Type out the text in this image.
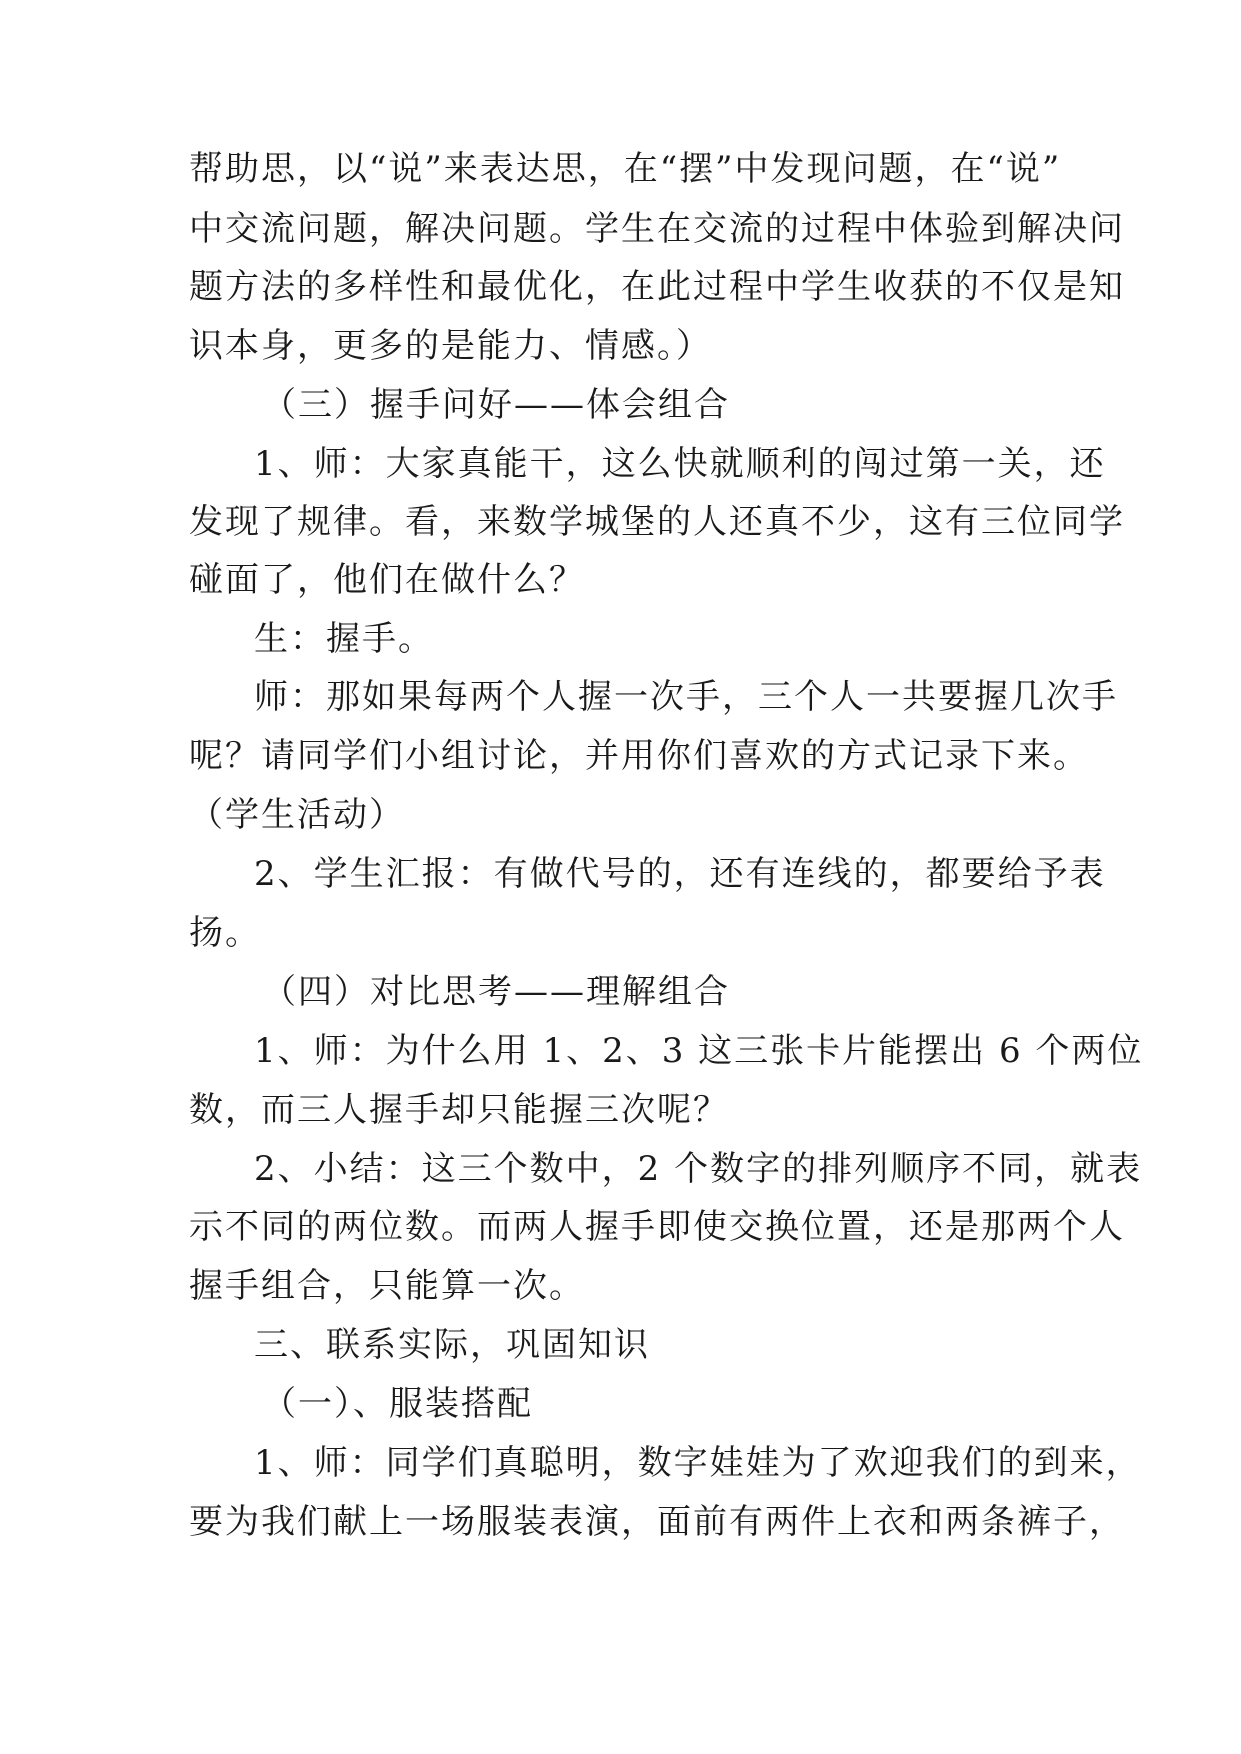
帮助思，以“说”来表达思，在“摆”中发现问题，在“说”
中交流问题，解决问题。学生在交流的过程中体验到解决问
题方法的多样性和最优化，在此过程中学生收获的不仅是知
识本身，更多的是能力、情感。）
（三）握手问好——体会组合
1、师：大家真能干，这么快就顺利的闯过第一关，还
发现了规律。看，来数学城堡的人还真不少，这有三位同学
碰面了，他们在做什么？
生：握手。
师：那如果每两个人握一次手，三个人一共要握几次手
呢？请同学们小组讨论，并用你们喜欢的方式记录下来。
（学生活动）
2、学生汇报：有做代号的，还有连线的，都要给予表
扬。
（四）对比思考——理解组合
1、师：为什么用 1、2、3 这三张卡片能摆出 6 个两位
数，而三人握手却只能握三次呢？
2、小结：这三个数中，2 个数字的排列顺序不同，就表
示不同的两位数。而两人握手即使交换位置，还是那两个人
握手组合，只能算一次。
三、联系实际，巩固知识
（一）、服装搭配
1、师：同学们真聪明，数字娃娃为了欢迎我们的到来，
要为我们献上一场服装表演，面前有两件上衣和两条裤子，
